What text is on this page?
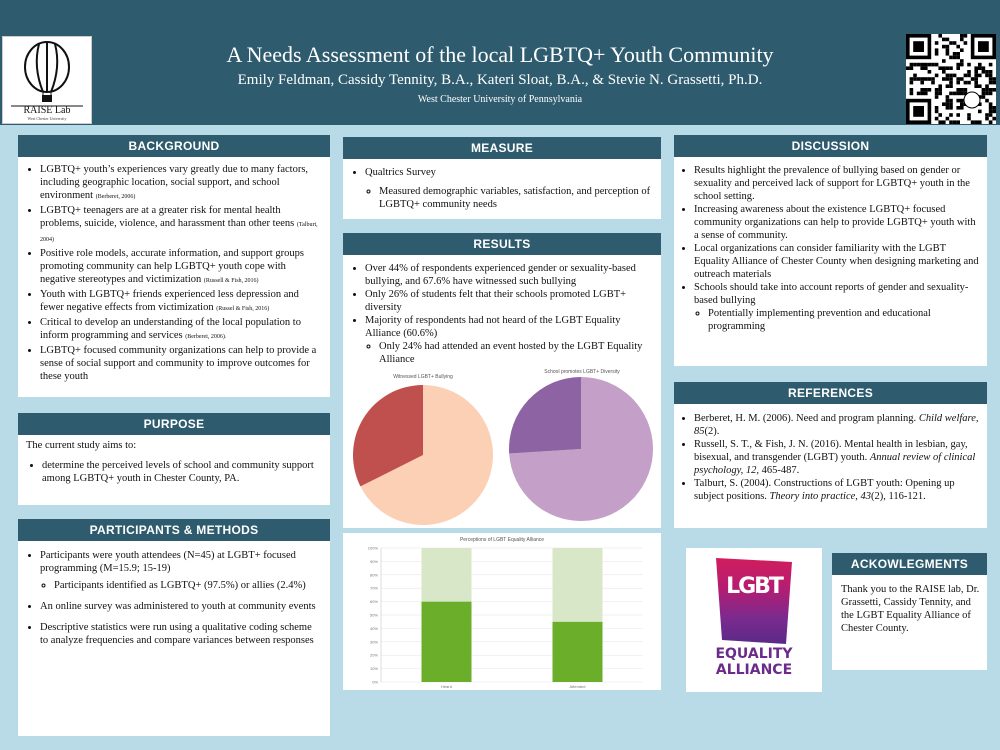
RAISE Lab
West Chester University
A Needs Assessment of the local LGBTQ+ Youth Community
Emily Feldman, Cassidy Tennity, B.A., Kateri Sloat, B.A., & Stevie N. Grassetti, Ph.D.
West Chester University of Pennsylvania
BACKGROUND
• LGBTQ+ youth’s experiences vary greatly due to many factors, including geographic location, social support, and school environment (Berberet, 2006)
• LGBTQ+ teenagers are at a greater risk for mental health problems, suicide, violence, and harassment than other teens (Talburt, 2004)
• Positive role models, accurate information, and support groups promoting community can help LGBTQ+ youth cope with negative stereotypes and victimization (Russell & Fish, 2016)
• Youth with LGBTQ+ friends experienced less depression and fewer negative effects from victimization (Russel & Fish, 2016)
• Critical to develop an understanding of the local population to inform programming and services (Berberet, 2006).
• LGBTQ+ focused community organizations can help to provide a sense of social support and community to improve outcomes for these youth
PURPOSE
The current study aims to:
• determine the perceived levels of school and community support among LGBTQ+ youth in Chester County, PA.
PARTICIPANTS & METHODS
• Participants were youth attendees (N=45) at LGBT+ focused programming (M=15.9; 15-19)
◦ Participants identified as LGBTQ+ (97.5%) or allies (2.4%)
• An online survey was administered to youth at community events
• Descriptive statistics were run using a qualitative coding scheme to analyze frequencies and compare variances between responses
MEASURE
• Qualtrics Survey
◦ Measured demographic variables, satisfaction, and perception of LGBTQ+ community needs
RESULTS
• Over 44% of respondents experienced gender or sexuality-based bullying, and 67.6% have witnessed such bullying
• Only 26% of students felt that their schools promoted LGBT+ diversity
• Majority of respondents had not heard of the LGBT Equality Alliance (60.6%)
◦ Only 24% had attended an event hosted by the LGBT Equality Alliance
Witnessed LGBT+ Bullying
School promotes LGBT+ Diversity
Perceptions of LGBT Equality Alliance
0%
10%
20%
30%
40%
50%
60%
70%
80%
90%
100%
Heard	Attended
DISCUSSION
• Results highlight the prevalence of bullying based on gender or sexuality and perceived lack of support for LGBTQ+ youth in the school setting.
• Increasing awareness about the existence LGBTQ+ focused community organizations can help to provide LGBTQ+ youth with a sense of community.
• Local organizations can consider familiarity with the LGBT Equality Alliance of Chester County when designing marketing and outreach materials
• Schools should take into account reports of gender and sexuality-based bullying
◦ Potentially implementing prevention and educational programming
REFERENCES
• Berberet, H. M. (2006). Need and program planning. Child welfare, 85(2).
• Russell, S. T., & Fish, J. N. (2016). Mental health in lesbian, gay, bisexual, and transgender (LGBT) youth. Annual review of clinical psychology, 12, 465-487.
• Talburt, S. (2004). Constructions of LGBT youth: Opening up subject positions. Theory into practice, 43(2), 116-121.
LGBT
EQUALITY
ALLIANCE
ACKOWLEGMENTS
Thank you to the RAISE lab, Dr. Grassetti, Cassidy Tennity, and the LGBT Equality Alliance of Chester County.
